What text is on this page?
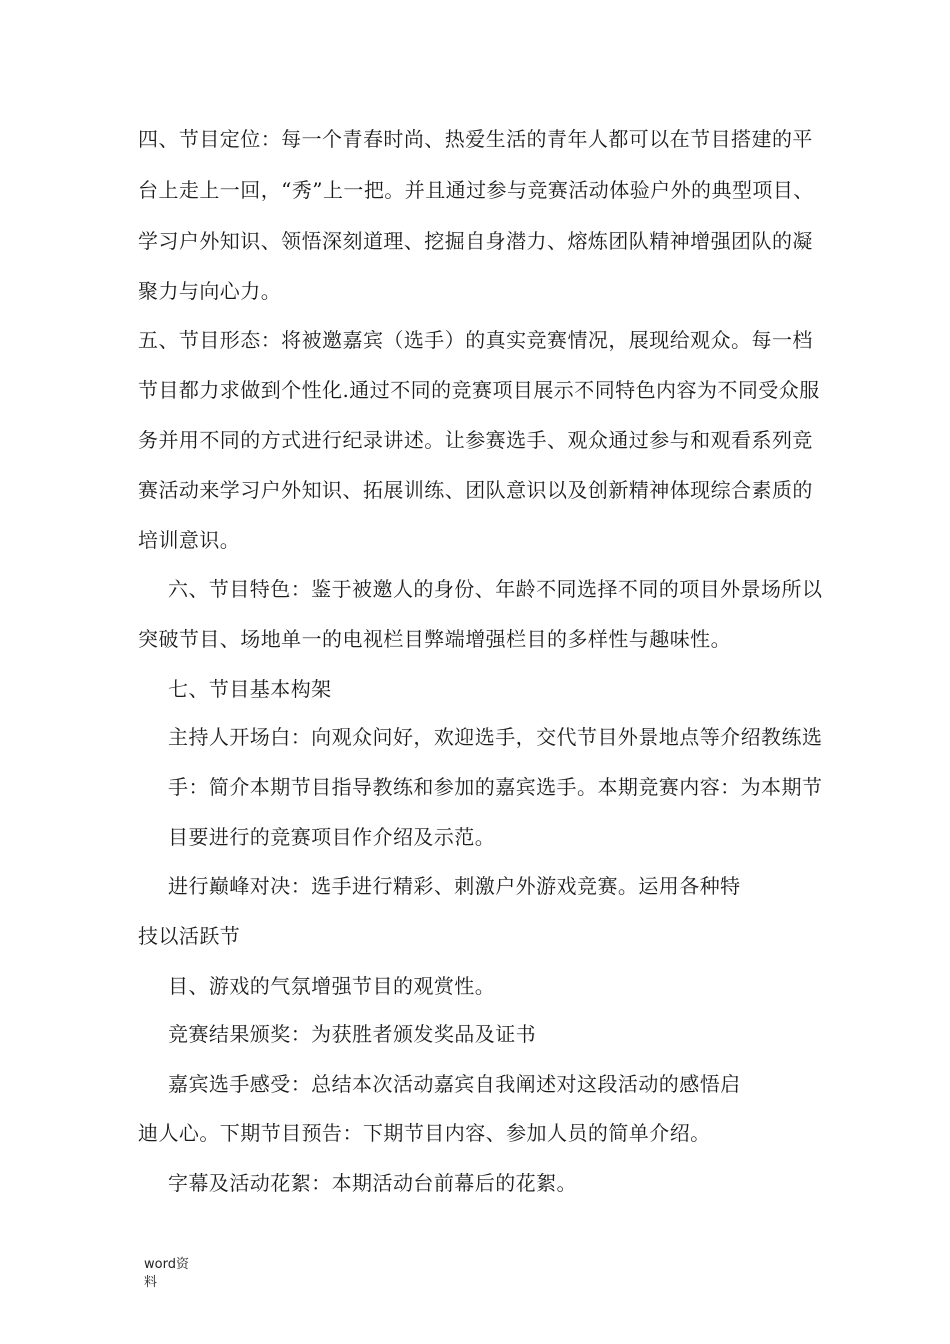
四、节目定位：每一个青春时尚、热爱生活的青年人都可以在节目搭建的平
台上走上一回，“秀”上一把。并且通过参与竞赛活动体验户外的典型项目、
学习户外知识、领悟深刻道理、挖掘自身潜力、熔炼团队精神增强团队的凝
聚力与向心力。
五、节目形态：将被邀嘉宾（选手）的真实竞赛情况，展现给观众。每一档
节目都力求做到个性化.通过不同的竞赛项目展示不同特色内容为不同受众服
务并用不同的方式进行纪录讲述。让参赛选手、观众通过参与和观看系列竞
赛活动来学习户外知识、拓展训练、团队意识以及创新精神体现综合素质的
培训意识。
六、节目特色：鉴于被邀人的身份、年龄不同选择不同的项目外景场所以
突破节目、场地单一的电视栏目弊端增强栏目的多样性与趣味性。
七、节目基本构架
主持人开场白：向观众问好，欢迎选手，交代节目外景地点等介绍教练选
手：简介本期节目指导教练和参加的嘉宾选手。本期竞赛内容：为本期节
目要进行的竞赛项目作介绍及示范。
进行巅峰对决：选手进行精彩、刺激户外游戏竞赛。运用各种特
技以活跃节
目、游戏的气氛增强节目的观赏性。
竞赛结果颁奖：为获胜者颁发奖品及证书
嘉宾选手感受：总结本次活动嘉宾自我阐述对这段活动的感悟启
迪人心。下期节目预告：下期节目内容、参加人员的简单介绍。
字幕及活动花絮：本期活动台前幕后的花絮。
word资
料
